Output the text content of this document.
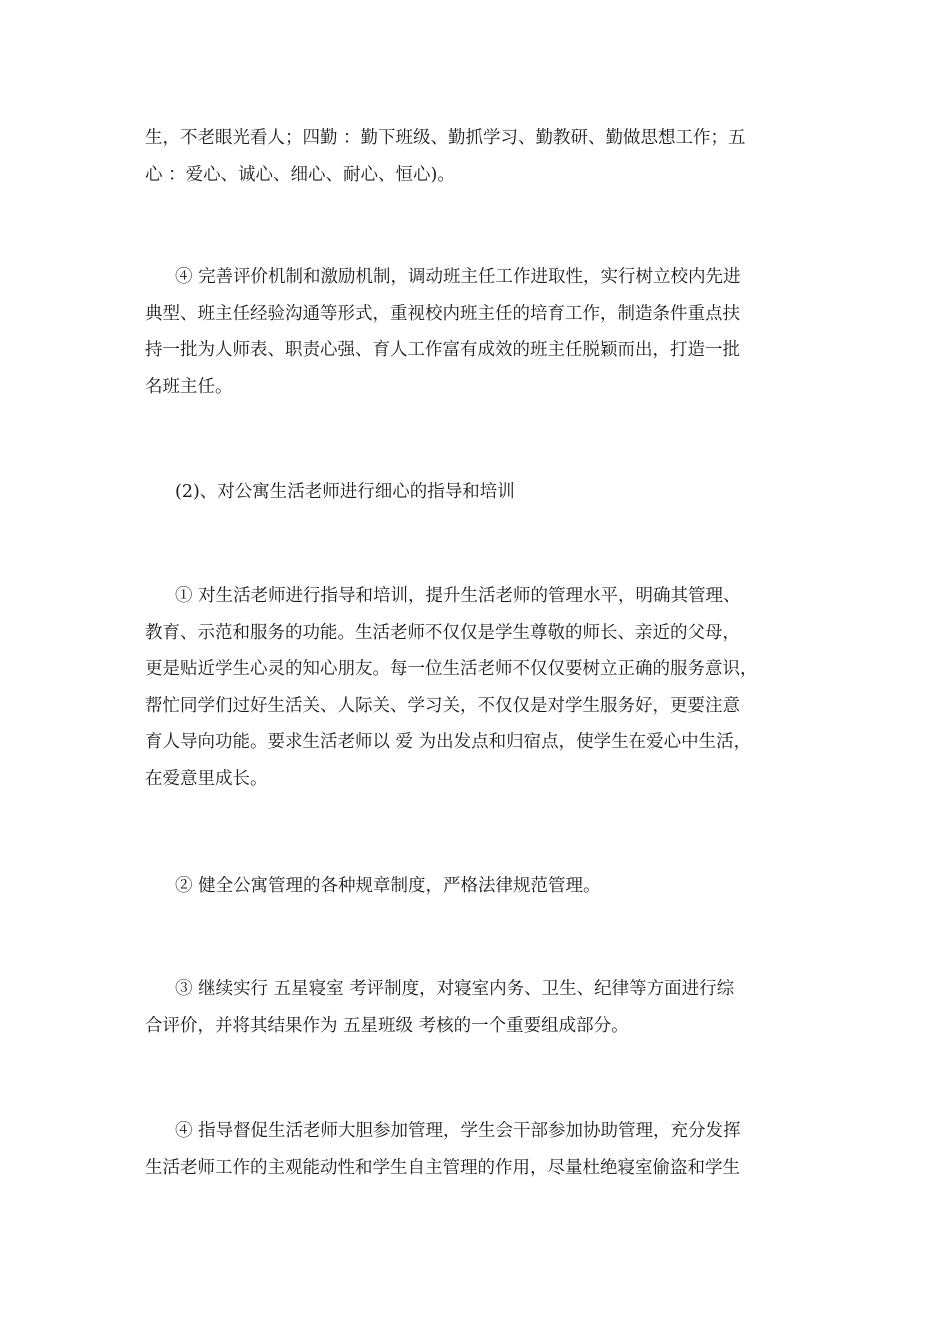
生，不老眼光看人；四勤 ：勤下班级、勤抓学习、勤教研、勤做思想工作；五
心 ：爱心、诚心、细心、耐心、恒心)。
④ 完善评价机制和激励机制，调动班主任工作进取性，实行树立校内先进
典型、班主任经验沟通等形式，重视校内班主任的培育工作，制造条件重点扶
持一批为人师表、职责心强、育人工作富有成效的班主任脱颖而出，打造一批
名班主任。
(2)、对公寓生活老师进行细心的指导和培训
① 对生活老师进行指导和培训，提升生活老师的管理水平，明确其管理、
教育、示范和服务的功能。生活老师不仅仅是学生尊敬的师长、亲近的父母，
更是贴近学生心灵的知心朋友。每一位生活老师不仅仅要树立正确的服务意识，
帮忙同学们过好生活关、人际关、学习关，不仅仅是对学生服务好，更要注意
育人导向功能。要求生活老师以 爱 为出发点和归宿点，使学生在爱心中生活，
在爱意里成长。
② 健全公寓管理的各种规章制度，严格法律规范管理。
③ 继续实行 五星寝室 考评制度，对寝室内务、卫生、纪律等方面进行综
合评价，并将其结果作为 五星班级 考核的一个重要组成部分。
④ 指导督促生活老师大胆参加管理，学生会干部参加协助管理，充分发挥
生活老师工作的主观能动性和学生自主管理的作用，尽量杜绝寝室偷盗和学生
